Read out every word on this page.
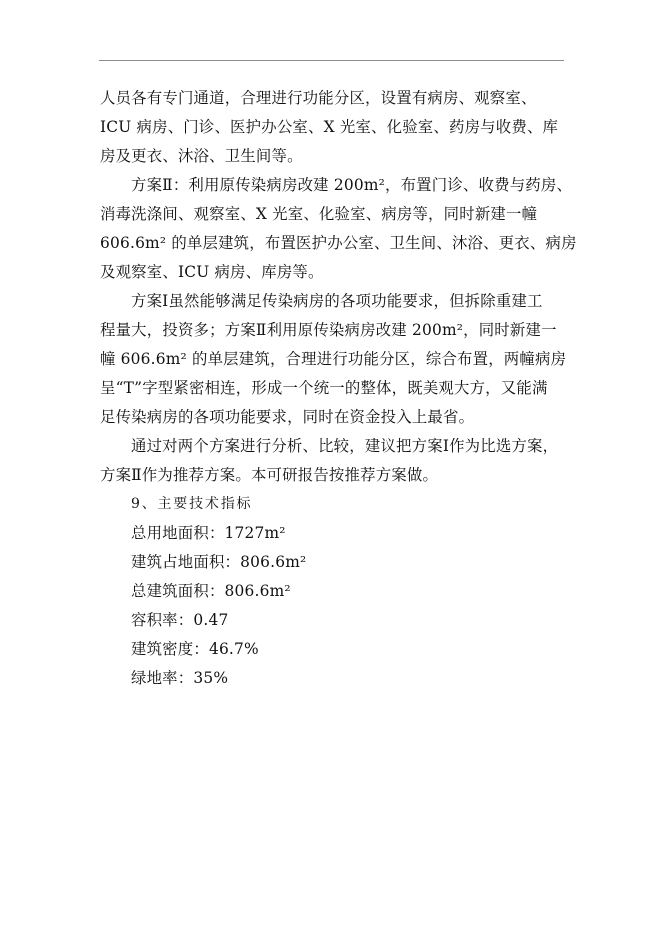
人员各有专门通道，合理进行功能分区，设置有病房、观察室、
ICU 病房、门诊、医护办公室、X 光室、化验室、药房与收费、库
房及更衣、沐浴、卫生间等。
方案Ⅱ：利用原传染病房改建 200m²，布置门诊、收费与药房、
消毒洗涤间、观察室、X 光室、化验室、病房等，同时新建一幢
606.6m² 的单层建筑，布置医护办公室、卫生间、沐浴、更衣、病房
及观察室、ICU 病房、库房等。
方案Ⅰ虽然能够满足传染病房的各项功能要求，但拆除重建工
程量大，投资多；方案Ⅱ利用原传染病房改建 200m²，同时新建一
幢 606.6m² 的单层建筑，合理进行功能分区，综合布置，两幢病房
呈“T”字型紧密相连，形成一个统一的整体，既美观大方，又能满
足传染病房的各项功能要求，同时在资金投入上最省。
通过对两个方案进行分析、比较，建议把方案Ⅰ作为比选方案，
方案Ⅱ作为推荐方案。本可研报告按推荐方案做。
9、主要技术指标
总用地面积：1727m²
建筑占地面积：806.6m²
总建筑面积：806.6m²
容积率：0.47
建筑密度：46.7%
绿地率：35%
